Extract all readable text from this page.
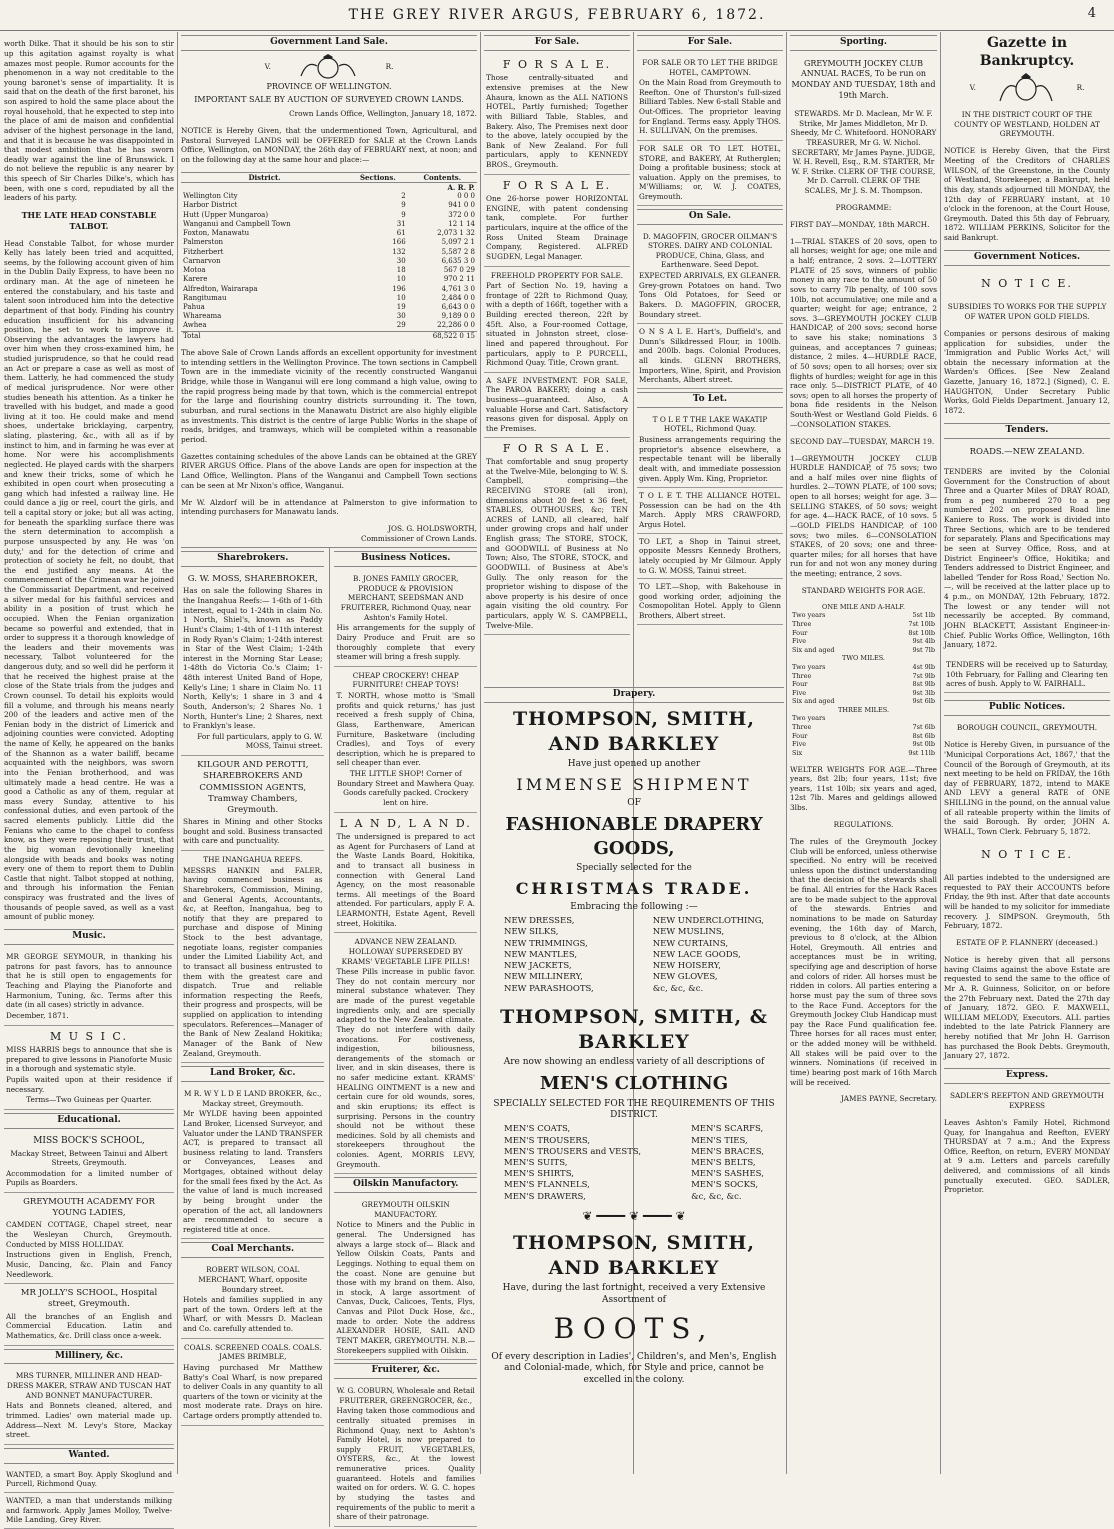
THE GREY RIVER ARGUS, FEBRUARY 6, 1872.	4

worth Dilke. That it should be his son to stir up this agitation against royalty is what amazes most people. Rumor accounts for the phenomenon in a way not creditable to the young baronet's sense of impartiality. It is said that on the death of the first baronet, his son aspired to hold the same place about the royal household, that he expected to step into the place of ami de maison and confidential adviser of the highest personage in the land, and that it is because he was disappointed in that modest ambition that he has sworn deadly war against the line of Brunswick. I do not believe the republic is any nearer by this speech of Sir Charles Dilke's, which has been, with one s cord, repudiated by all the leaders of his party.

THE LATE HEAD CONSTABLE TALBOT.

Head Constable Talbot, for whose murder Kelly has lately been tried and acquitted, seems, by the following account given of him in the Dublin Daily Express, to have been no ordinary man. At the age of nineteen he entered the constabulary, and his taste and talent soon introduced him into the detective department of that body. Finding his country education insufficient for his advancing position, he set to work to improve it. Observing the advantages the lawyers had over him when they cross-examined him, he studied jurisprudence, so that he could read an Act or prepare a case as well as most of them. Latterly, he had commenced the study of medical jurisprudence. Nor were other studies beneath his attention. As a tinker he travelled with his budget, and made a good living at it too. He could make and mend shoes, undertake bricklaying, carpentry, slating, plastering, &c., with all as if by instinct to him, and in farming he was ever at home. Nor were his accomplishments neglected. He played cards with the sharpers and knew their tricks, some of which he exhibited in open court when prosecuting a gang which had infested a railway line. He could dance a jig or reel, court the girls, and tell a capital story or joke; but all was acting, for beneath the sparkling surface there was the stern determination to accomplish a purpose unsuspected by any. He was 'on duty,' and for the detection of crime and protection of society he felt, no doubt, that the end justified any means. At the commencement of the Crimean war he joined the Commissariat Department, and received a silver medal for his faithful services and ability in a position of trust which he occupied. When the Fenian organization became so powerful and extended, that in order to suppress it a thorough knowledge of the leaders and their movements was necessary, Talbot volunteered for the dangerous duty, and so well did he perform it that he received the highest praise at the close of the State trials from the judges and Crown counsel. To detail his exploits would fill a volume, and through his means nearly 200 of the leaders and active men of the Fenian body in the district of Limerick and adjoining counties were convicted. Adopting the name of Kelly, he appeared on the banks of the Shannon as a water bailiff, became acquainted with the neighbors, was sworn into the Fenian brotherhood, and was ultimately made a head centre. He was a good a Catholic as any of them, regular at mass every Sunday, attentive to his confessional duties, and even partook of the sacred elements publicly. Little did the Fenians who came to the chapel to confess know, as they were reposing their trust, that the big woman devotionally kneeling alongside with beads and books was noting every one of them to report them to Dublin Castle that night. Talbot stopped at nothing, and through his information the Fenian conspiracy was frustrated and the lives of thousands of people saved, as well as a vast amount of public money.

Music.

MR GEORGE SEYMOUR, in thanking his patrons for past favors, has to announce that he is still open to engagements for Teaching and Playing the Pianoforte and Harmonium, Tuning, &c. Terms after this date (in all cases) strictly in advance.

December, 1871.

M U S I C.

MISS HARRIS begs to announce that she is prepared to give lessons in Pianoforte Music in a thorough and systematic style.

Pupils waited upon at their residence if necessary.

Terms—Two Guineas per Quarter.

Educational.

MISS BOCK'S SCHOOL,

Mackay Street, Between Tainui and Albert Streets, Greymouth.

Accommodation for a limited number of Pupils as Boarders.

GREYMOUTH ACADEMY FOR YOUNG LADIES,

CAMDEN COTTAGE, Chapel street, near the Wesleyan Church, Greymouth. Conducted by MISS HOLLIDAY.

Instructions given in English, French, Music, Dancing, &c. Plain and Fancy Needlework.

MR JOLLY'S SCHOOL, Hospital street, Greymouth.

All the branches of an English and Commercial Education. Latin and Mathematics, &c. Drill class once a-week.

Millinery, &c.

MRS TURNER, MILLINER AND HEAD-DRESS MAKER, STRAW AND TUSCAN HAT AND BONNET MANUFACTURER.

Hats and Bonnets cleaned, altered, and trimmed. Ladies' own material made up. Address—Next M. Levy's Store, Mackay street.

Wanted.
WANTED, a smart Boy. Apply Skoglund and Purcell, Richmond Quay.
WANTED, a man that understands milking and farmwork. Apply James Molloy, Twelve-Mile Landing, Grey River.
Government Land Sale.
V.	R.
PROVINCE OF WELLINGTON.
IMPORTANT SALE BY AUCTION OF SURVEYED CROWN LANDS.
Crown Lands Office, Wellington, January 18, 1872.

NOTICE is Hereby Given, that the undermentioned Town, Agricultural, and Pastoral Surveyed LANDS will be OFFERED for SALE at the Crown Lands Office, Wellington, on MONDAY, the 26th day of FEBRUARY next, at noon; and on the following day at the same hour and place:—

District.	Sections.	Contents.
		A. R. P.
Wellington City	2	0 0 0
Harbor District	9	941 0 0
Hutt (Upper Mungaroa)	9	372 0 0
Wanganui and Campbell Town	31	12 1 14
Foxton, Manawatu	61	2,073 1 32
Palmerston	166	5,097 2 1
Fitzherbert	132	5,587 2 8
Carnarvon	30	6,635 3 0
Motoa	18	567 0 29
Karere	10	970 2 11
Alfredton, Wairarapa	196	4,761 3 0
Rangitumau	10	2,484 0 0
Pahua	19	6,643 0 0
Whareama	30	9,189 0 0
Awhea	29	22,286 0 0
Total		68,522 0 15

The above Sale of Crown Lands affords an excellent opportunity for investment to intending settlers in the Wellington Province. The town sections in Campbell Town are in the immediate vicinity of the recently constructed Wanganui Bridge, while those in Wanganui will ere long command a high value, owing to the rapid progress being made by that town, which is the commercial entrepot for the large and flourishing country districts surrounding it. The town, suburban, and rural sections in the Manawatu District are also highly eligible as investments. This district is the centre of large Public Works in the shape of roads, bridges, and tramways, which will be completed within a reasonable period.

Gazettes containing schedules of the above Lands can be obtained at the GREY RIVER ARGUS Office. Plans of the above Lands are open for inspection at the Land Office, Wellington. Plans of the Wanganui and Campbell Town sections can be seen at Mr Nixon's office, Wanganui.

Mr W. Alzdorf will be in attendance at Palmerston to give information to intending purchasers for Manawatu lands.

JOS. G. HOLDSWORTH,
Commissioner of Crown Lands.
Sharebrokers.

G. W. MOSS, SHAREBROKER,

Has on sale the following Shares in the Inangahua Reefs:— 1-6th of 1-6th interest, equal to 1-24th in claim No. 1 North, Shiel's, known as Paddy Hunt's Claim; 1-4th of 1-11th interest in Rody Ryan's Claim; 1-24th interest in Star of the West Claim; 1-24th interest in the Morning Star Lease; 1-48th do Victoria Co.'s Claim; 1-48th interest United Band of Hope, Kelly's Line; 1 share in Claim No. 11 North, Kelly's; 1 share in 3 and 4 South, Anderson's; 2 Shares No. 1 North, Hunter's Line; 2 Shares, next to Franklyn's lease.

For full particulars, apply to G. W. MOSS, Tainui street.

KILGOUR AND PEROTTI, SHAREBROKERS AND COMMISSION AGENTS, Tramway Chambers, Greymouth.

Shares in Mining and other Stocks bought and sold. Business transacted with care and punctuality.

THE INANGAHUA REEFS.

MESSRS HANKIN and FALER, having commenced business as Sharebrokers, Commission, Mining, and General Agents, Accountants, &c, at Reefton, Inangahua, beg to notify that they are prepared to purchase and dispose of Mining Stock to the best advantage, negotiate loans, register companies under the Limited Liability Act, and to transact all business entrusted to them with the greatest care and dispatch. True and reliable information respecting the Reefs, their progress and prospects, will be supplied on application to intending speculators. References—Manager of the Bank of New Zealand Hokitika; Manager of the Bank of New Zealand, Greymouth.

Land Broker, &c.

M R. W Y L D E LAND BROKER, &c., Mackay street, Greymouth.

Mr WYLDE having been appointed Land Broker, Licensed Surveyor, and Valuator under the LAND TRANSFER ACT, is prepared to transact all business relating to land. Transfers or Conveyances, Leases and Mortgages, obtained without delay for the small fees fixed by the Act. As the value of land is much increased by being brought under the operation of the act, all landowners are recommended to secure a registered title at once.

Coal Merchants.

ROBERT WILSON, COAL MERCHANT, Wharf, opposite Boundary street.

Hotels and families supplied in any part of the town. Orders left at the Wharf, or with Messrs D. Maclean and Co. carefully attended to.

COALS. SCREENED COALS. COALS. JAMES BRIMBLE,

Having purchased Mr Matthew Batty's Coal Wharf, is now prepared to deliver Coals in any quantity to all quarters of the town or vicinity at the most moderate rate. Drays on hire. Cartage orders promptly attended to.

Business Notices.

B. JONES FAMILY GROCER, PRODUCE & PROVISION MERCHANT, SEEDSMAN AND FRUITERER, Richmond Quay, near Ashton's Family Hotel.

His arrangements for the supply of Dairy Produce and Fruit are so thoroughly complete that every steamer will bring a fresh supply.

CHEAP CROCKERY! CHEAP FURNITURE! CHEAP TOYS!

T. NORTH, whose motto is 'Small profits and quick returns,' has just received a fresh supply of China, Glass, Earthenware, American Furniture, Basketware (including Cradles), and Toys of every description, which he is prepared to sell cheaper than ever.

THE LITTLE SHOP! Corner of Boundary Street and Mawhera Quay. Goods carefully packed. Crockery lent on hire.

L A N D, L A N D.

The undersigned is prepared to act as Agent for Purchasers of Land at the Waste Lands Board, Hokitika, and to transact all business in connection with General Land Agency, on the most reasonable terms. All meetings of the Board attended. For particulars, apply F. A. LEARMONTH, Estate Agent, Revell street, Hokitika.

ADVANCE NEW ZEALAND. HOLLOWAY SUPERSEDED BY KRAMS' VEGETABLE LIFE PILLS!

These Pills increase in public favor. They do not contain mercury nor mineral substance whatever. They are made of the purest vegetable ingredients only, and are specially adapted to the New Zealand climate. They do not interfere with daily avocations. For costiveness, indigestion, biliousness, derangements of the stomach or liver, and in skin diseases, there is no safer medicine extant. KRAMS' HEALING OINTMENT is a new and certain cure for old wounds, sores, and skin eruptions; its effect is surprising. Persons in the country should not be without these medicines. Sold by all chemists and storekeepers throughout the colonies. Agent, MORRIS LEVY, Greymouth.

Oilskin Manufactory.

GREYMOUTH OILSKIN MANUFACTORY.

Notice to Miners and the Public in general. The Undersigned has always a large stock of— Black and Yellow Oilskin Coats, Pants and Leggings. Nothing to equal them on the coast. None are genuine but those with my brand on them. Also, in stock, A large assortment of Canvas, Duck, Calicoes, Tents, Flys, Canvas and Pilot Duck Hose, &c., made to order. Note the address ALEXANDER HOSIE, SAIL AND TENT MAKER, GREYMOUTH. N.B.—Storekeepers supplied with Oilskin.

Fruiterer, &c.

W. G. COBURN, Wholesale and Retail FRUITERER, GREENGROCER, &c.,

Having taken those commodious and centrally situated premises in Richmond Quay, next to Ashton's Family Hotel, is now prepared to supply FRUIT, VEGETABLES, OYSTERS, &c., At the lowest remunerative prices. Quality guaranteed. Hotels and families waited on for orders. W. G. C. hopes by studying the tastes and requirements of the public to merit a share of their patronage.

For Sale.

F O R S A L E.

Those centrally-situated and extensive premises at the New Ahaura, known as the ALL NATIONS HOTEL, Partly furnished; Together with Billiard Table, Stables, and Bakery. Also, The Premises next door to the above, lately occupied by the Bank of New Zealand. For full particulars, apply to KENNEDY BROS., Greymouth.

F O R S A L E.

One 26-horse power HORIZONTAL ENGINE, with patent condensing tank, complete. For further particulars, inquire at the office of the Ross United Steam Drainage Company, Registered. ALFRED SUGDEN, Legal Manager.

FREEHOLD PROPERTY FOR SALE.

Part of Section No. 19, having a frontage of 22ft to Richmond Quay, with a depth of 166ft, together with a Building erected thereon, 22ft by 45ft. Also, a Four-roomed Cottage, situated in Johnston street, close-lined and papered throughout. For particulars, apply to P. PURCELL, Richmond Quay. Title, Crown grant.

A SAFE INVESTMENT. FOR SALE, The PAROA BAKERY; doing a cash business—guaranteed. Also, A valuable Horse and Cart. Satisfactory reasons given for disposal. Apply on the Premises.

F O R S A L E.

That comfortable and snug property at the Twelve-Mile, belonging to W. S. Campbell, comprising—the RECEIVING STORE (all iron), dimensions about 20 feet x 36 feet, STABLES, OUTHOUSES, &c; TEN ACRES of LAND, all cleared, half under growing crops and half under English grass; The STORE, STOCK, and GOODWILL of Business at No Town; Also, The STORE, STOCK, and GOODWILL of Business at Abe's Gully. The only reason for the proprietor wishing to dispose of the above property is his desire of once again visiting the old country. For particulars, apply W. S. CAMPBELL, Twelve-Mile.

For Sale.

FOR SALE OR TO LET THE BRIDGE HOTEL, CAMPTOWN.

On the Main Road from Greymouth to Reefton. One of Thurston's full-sized Billiard Tables. New 6-stall Stable and Out-Offices. The proprietor leaving for England. Terms easy. Apply THOS. H. SULLIVAN, On the premises.

FOR SALE OR TO LET. HOTEL, STORE, and BAKERY, At Rutherglen; Doing a profitable business; stock at valuation. Apply on the premises, to M'Williams; or, W. J. COATES, Greymouth.
On Sale.

D. MAGOFFIN, GROCER OILMAN'S STORES. DAIRY AND COLONIAL PRODUCE, China, Glass, and Earthenware. Seed Depot.

EXPECTED ARRIVALS, EX GLEANER. Grey-grown Potatoes on hand. Two Tons Old Potatoes, for Seed or Bakers. D. MAGOFFIN, GROCER, Boundary street.

O N S A L E. Hart's, Duffield's, and Dunn's Silkdressed Flour, in 100lb. and 200lb. bags. Colonial Produces, all kinds. GLENN BROTHERS, Importers, Wine, Spirit, and Provision Merchants, Albert street.
To Let.

T O L E T THE LAKE WAKATIP HOTEL, Richmond Quay.

Business arrangements requiring the proprietor's absence elsewhere, a respectable tenant will be liberally dealt with, and immediate possession given. Apply Wm. King, Proprietor.

T O L E T. THE ALLIANCE HOTEL. Possession can be had on the 4th March. Apply MRS CRAWFORD, Argus Hotel.
TO LET, a Shop in Tainui street, opposite Messrs Kennedy Brothers, lately occupied by Mr Gilmour. Apply to G. W. MOSS, Tainui street.
TO LET.—Shop, with Bakehouse in good working order, adjoining the Cosmopolitan Hotel. Apply to Glenn Brothers, Albert street.
Drapery.
THOMPSON, SMITH, AND BARKLEY
Have just opened up another
IMMENSE SHIPMENT
OF
FASHIONABLE DRAPERY GOODS,
Specially selected for the
CHRISTMAS TRADE.
Embracing the following :—

NEW DRESSES,

NEW SILKS,

NEW TRIMMINGS,

NEW MANTLES,

NEW JACKETS,

NEW MILLINERY,

NEW PARASHOOTS,

NEW UNDERCLOTHING,

NEW MUSLINS,

NEW CURTAINS,

NEW LACE GOODS,

NEW HOISERY,

NEW GLOVES,

&c, &c, &c.

THOMPSON, SMITH, & BARKLEY
Are now showing an endless variety of all descriptions of
MEN'S CLOTHING
SPECIALLY SELECTED FOR THE REQUIREMENTS OF THIS DISTRICT.

MEN'S COATS,

MEN'S TROUSERS,

MEN'S TROUSERS and VESTS,

MEN'S SUITS,

MEN'S SHIRTS,

MEN'S FLANNELS,

MEN'S DRAWERS,

MEN'S SCARFS,

MEN'S TIES,

MEN'S BRACES,

MEN'S BELTS,

MEN'S SASHES,

MEN'S SOCKS,

&c, &c, &c.

❦ ━━━━ ❦ ━━━━ ❦
THOMPSON, SMITH, AND BARKLEY
Have, during the last fortnight, received a very Extensive Assortment of
BOOTS,
Of every description in Ladies', Children's, and Men's, English and Colonial-made, which, for Style and price, cannot be excelled in the colony.
Sporting.

GREYMOUTH JOCKEY CLUB ANNUAL RACES, To be run on MONDAY AND TUESDAY, 18th and 19th March.

STEWARDS. Mr D. Maclean, Mr W. F. Strike, Mr James Middleton, Mr D. Sheedy, Mr C. Whitefoord. HONORARY TREASURER, Mr G. W. Nichol. SECRETARY, Mr James Payne. JUDGE, W. H. Revell, Esq., R.M. STARTER, Mr W. F. Strike. CLERK OF THE COURSE, Mr D. Carroll. CLERK OF THE SCALES, Mr J. S. M. Thompson.

PROGRAMME:

FIRST DAY—MONDAY, 18th MARCH.

1—TRIAL STAKES of 20 sovs, open to all horses; weight for age; one mile and a half; entrance, 2 sovs. 2—LOTTERY PLATE of 25 sovs, winners of public money in any race to the amount of 50 sovs to carry 7lb penalty, of 100 sovs 10lb, not accumulative; one mile and a quarter; weight for age; entrance, 2 sovs. 3—GREYMOUTH JOCKEY CLUB HANDICAP, of 200 sovs; second horse to save his stake; nominations 3 guineas, and acceptances 7 guineas; distance, 2 miles. 4—HURDLE RACE, of 50 sovs; open to all horses; over six flights of hurdles; weight for age in this race only. 5—DISTRICT PLATE, of 40 sovs; open to all horses the property of bona fide residents in the Nelson South-West or Westland Gold Fields. 6—CONSOLATION STAKES.

SECOND DAY—TUESDAY, MARCH 19.

1—GREYMOUTH JOCKEY CLUB HURDLE HANDICAP, of 75 sovs; two and a half miles over nine flights of hurdles. 2—TOWN PLATE, of 100 sovs; open to all horses; weight for age. 3—SELLING STAKES, of 50 sovs; weight for age. 4—HACK RACE, of 10 sovs. 5—GOLD FIELDS HANDICAP, of 100 sovs; two miles. 6—CONSOLATION STAKES, of 20 sovs; one and three-quarter miles; for all horses that have run for and not won any money during the meeting; entrance, 2 sovs.

STANDARD WEIGHTS FOR AGE.

ONE MILE AND A-HALF.
Two years	5st 1lb
Three	7st 10lb
Four	8st 10lb
Five	9st 4lb
Six and aged	9st 7lb
TWO MILES.
Two years	4st 9lb
Three	7st 9lb
Four	8st 9lb
Five	9st 3lb
Six and aged	9st 6lb
THREE MILES.
Two years	
Three	7st 6lb
Four	8st 6lb
Five	9st 0lb
Six	9st 11lb

WELTER WEIGHTS FOR AGE.—Three years, 8st 2lb; four years, 11st; five years, 11st 10lb; six years and aged, 12st 7lb. Mares and geldings allowed 3lbs.

REGULATIONS.

The rules of the Greymouth Jockey Club will be enforced, unless otherwise specified. No entry will be received unless upon the distinct understanding that the decision of the stewards shall be final. All entries for the Hack Races are to be made subject to the approval of the stewards. Entries and nominations to be made on Saturday evening, the 16th day of March, previous to 8 o'clock, at the Albion Hotel, Greymouth. All entries and acceptances must be in writing, specifying age and description of horse and colors of rider. All horses must be ridden in colors. All parties entering a horse must pay the sum of three sovs to the Race Fund. Acceptors for the Greymouth Jockey Club Handicap must pay the Race Fund qualification fee. Three horses for all races must enter, or the added money will be withheld. All stakes will be paid over to the winners. Nominations (if received in time) bearing post mark of 16th March will be received.

JAMES PAYNE, Secretary.

Gazette in Bankruptcy.
V.	R.

IN THE DISTRICT COURT OF THE COUNTY OF WESTLAND, HOLDEN AT GREYMOUTH.

NOTICE is Hereby Given, that the First Meeting of the Creditors of CHARLES WILSON, of the Greenstone, in the County of Westland, Storekeeper, a Bankrupt, held this day, stands adjourned till MONDAY, the 12th day of FEBRUARY instant, at 10 o'clock in the forenoon, at the Court House, Greymouth. Dated this 5th day of February, 1872. WILLIAM PERKINS, Solicitor for the said Bankrupt.

Government Notices.

N O T I C E.

SUBSIDIES TO WORKS FOR THE SUPPLY OF WATER UPON GOLD FIELDS.

Companies or persons desirous of making application for subsidies, under the 'Immigration and Public Works Act,' will obtain the necessary information at the Warden's Offices. [See New Zealand Gazette, January 16, 1872.] (Signed), C. E. HAUGHTON, Under Secretary Public Works, Gold Fields Department. January 12, 1872.

Tenders.

ROADS.—NEW ZEALAND.

TENDERS are invited by the Colonial Government for the Construction of about Three and a Quarter Miles of DRAY ROAD, from a peg numbered 270 to a peg numbered 202 on proposed Road line Kaniere to Ross. The work is divided into Three Sections, which are to be tendered for separately. Plans and Specifications may be seen at Survey Office, Ross, and at District Engineer's Office, Hokitika; and Tenders addressed to District Engineer, and labelled 'Tender for Ross Road,' Section No. —, will be received at the latter place up to 4 p.m., on MONDAY, 12th February, 1872. The lowest or any tender will not necessarily be accepted. By command, JOHN BLACKETT, Assistant Engineer-in-Chief. Public Works Office, Wellington, 16th January, 1872.

TENDERS will be received up to Saturday, 10th February, for Falling and Clearing ten acres of bush. Apply to W. FAIRHALL.

Public Notices.

BOROUGH COUNCIL, GREYMOUTH.

Notice is Hereby Given, in pursuance of the 'Municipal Corporations Act, 1867,' that the Council of the Borough of Greymouth, at its next meeting to be held on FRIDAY, the 16th day of FEBRUARY, 1872, intend to MAKE AND LEVY a general RATE of ONE SHILLING in the pound, on the annual value of all rateable property within the limits of the said Borough. By order, JOHN A. WHALL, Town Clerk. February 5, 1872.

N O T I C E.

All parties indebted to the undersigned are requested to PAY their ACCOUNTS before Friday, the 9th inst. After that date accounts will be handed to my solicitor for immediate recovery. J. SIMPSON. Greymouth, 5th February, 1872.

ESTATE OF P. FLANNERY (deceased.)

Notice is hereby given that all persons having Claims against the above Estate are requested to send the same to the office of Mr A. R. Guinness, Solicitor, on or before the 27th February next. Dated the 27th day of January, 1872. GEO. F. MAXWELL, WILLIAM MELODY, Executors. ALL parties indebted to the late Patrick Flannery are hereby notified that Mr John H. Garrison has purchased the Book Debts. Greymouth, January 27, 1872.

Express.

SADLER'S REEFTON AND GREYMOUTH EXPRESS

Leaves Ashton's Family Hotel, Richmond Quay, for Inangahua and Reefton, EVERY THURSDAY at 7 a.m.; And the Express Office, Reefton, on return, EVERY MONDAY at 9 a.m. Letters and parcels carefully delivered, and commissions of all kinds punctually executed. GEO. SADLER, Proprietor.
